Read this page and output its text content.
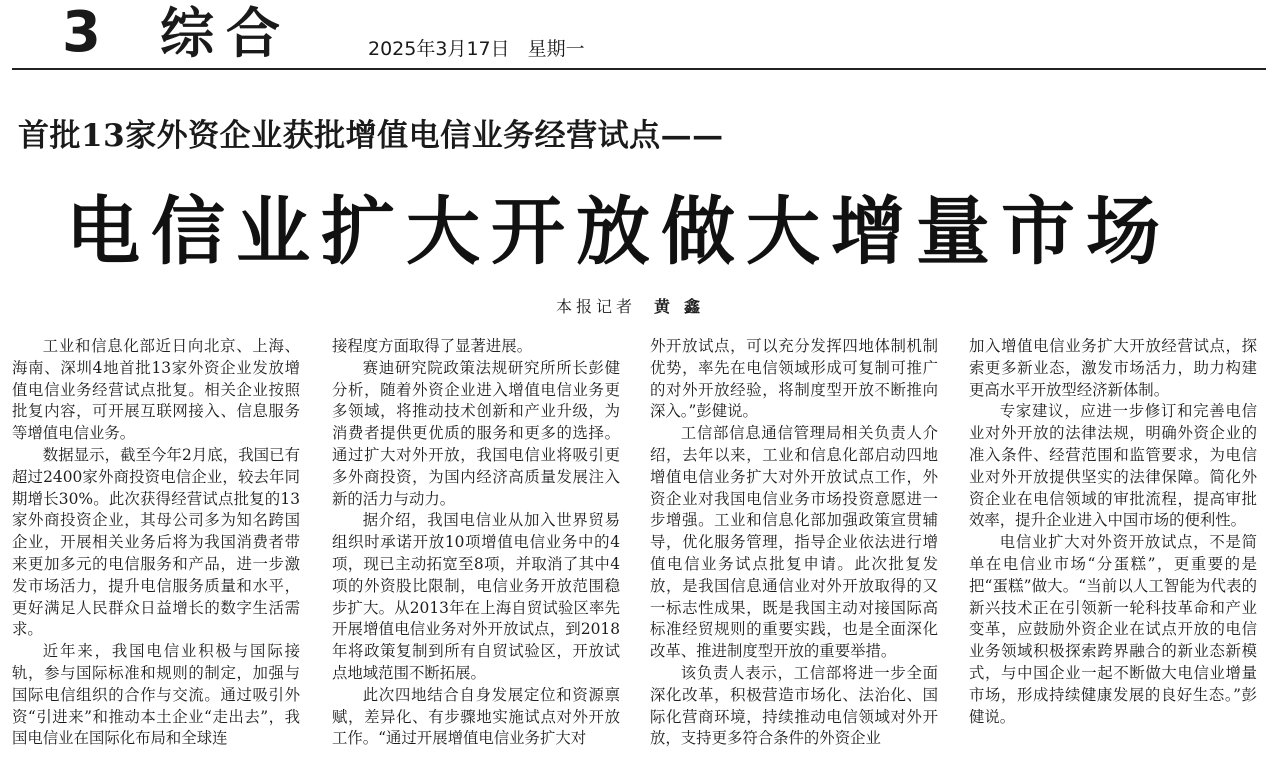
3 综合	2025年3月17日 星期一
首批13家外资企业获批增值电信业务经营试点——
电信业扩大开放做大增量市场
本报记者 黄鑫

工业和信息化部近日向北京、上海、海南、深圳4地首批13家外资企业发放增值电信业务经营试点批复。相关企业按照批复内容，可开展互联网接入、信息服务等增值电信业务。

数据显示，截至今年2月底，我国已有超过2400家外商投资电信企业，较去年同期增长30%。此次获得经营试点批复的13家外商投资企业，其母公司多为知名跨国企业，开展相关业务后将为我国消费者带来更加多元的电信服务和产品，进一步激发市场活力，提升电信服务质量和水平，更好满足人民群众日益增长的数字生活需求。

近年来，我国电信业积极与国际接轨，参与国际标准和规则的制定，加强与国际电信组织的合作与交流。通过吸引外资“引进来”和推动本土企业“走出去”，我国电信业在国际化布局和全球连

接程度方面取得了显著进展。

赛迪研究院政策法规研究所所长彭健分析，随着外资企业进入增值电信业务更多领域，将推动技术创新和产业升级，为消费者提供更优质的服务和更多的选择。通过扩大对外开放，我国电信业将吸引更多外商投资，为国内经济高质量发展注入新的活力与动力。

据介绍，我国电信业从加入世界贸易组织时承诺开放10项增值电信业务中的4项，现已主动拓宽至8项，并取消了其中4项的外资股比限制，电信业务开放范围稳步扩大。从2013年在上海自贸试验区率先开展增值电信业务对外开放试点，到2018年将政策复制到所有自贸试验区，开放试点地域范围不断拓展。

此次四地结合自身发展定位和资源禀赋，差异化、有步骤地实施试点对外开放工作。“通过开展增值电信业务扩大对

外开放试点，可以充分发挥四地体制机制优势，率先在电信领域形成可复制可推广的对外开放经验，将制度型开放不断推向深入。”彭健说。

工信部信息通信管理局相关负责人介绍，去年以来，工业和信息化部启动四地增值电信业务扩大对外开放试点工作，外资企业对我国电信业务市场投资意愿进一步增强。工业和信息化部加强政策宣贯辅导，优化服务管理，指导企业依法进行增值电信业务试点批复申请。此次批复发放，是我国信息通信业对外开放取得的又一标志性成果，既是我国主动对接国际高标准经贸规则的重要实践，也是全面深化改革、推进制度型开放的重要举措。

该负责人表示，工信部将进一步全面深化改革，积极营造市场化、法治化、国际化营商环境，持续推动电信领域对外开放，支持更多符合条件的外资企业

加入增值电信业务扩大开放经营试点，探索更多新业态，激发市场活力，助力构建更高水平开放型经济新体制。

专家建议，应进一步修订和完善电信业对外开放的法律法规，明确外资企业的准入条件、经营范围和监管要求，为电信业对外开放提供坚实的法律保障。简化外资企业在电信领域的审批流程，提高审批效率，提升企业进入中国市场的便利性。

电信业扩大对外资开放试点，不是简单在电信业市场“分蛋糕”，更重要的是把“蛋糕”做大。“当前以人工智能为代表的新兴技术正在引领新一轮科技革命和产业变革，应鼓励外资企业在试点开放的电信业务领域积极探索跨界融合的新业态新模式，与中国企业一起不断做大电信业增量市场，形成持续健康发展的良好生态。”彭健说。
